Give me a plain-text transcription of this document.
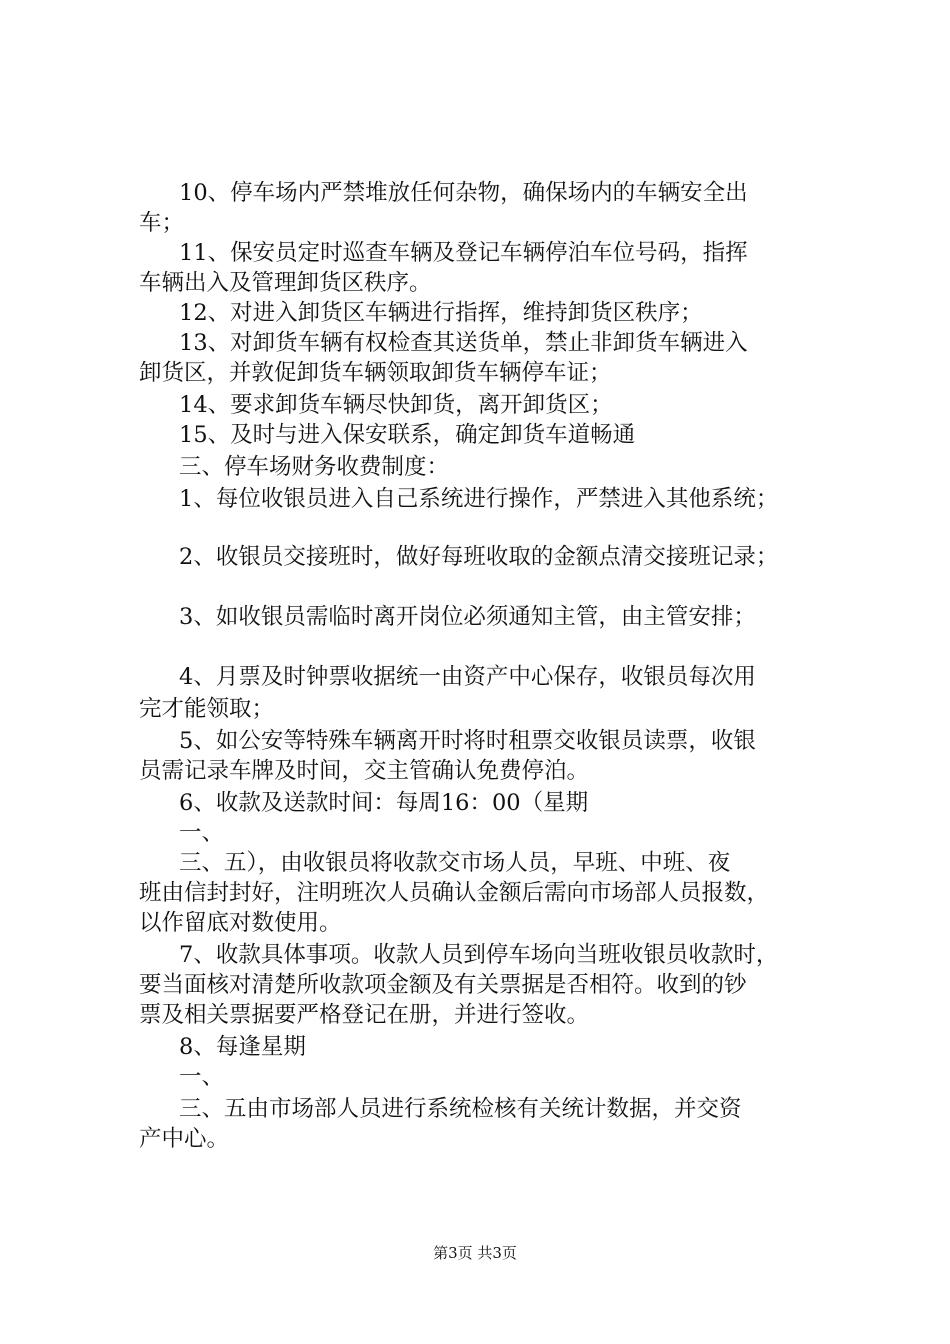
10、停车场内严禁堆放任何杂物，确保场内的车辆安全出
车；
11、保安员定时巡查车辆及登记车辆停泊车位号码，指挥
车辆出入及管理卸货区秩序。
12、对进入卸货区车辆进行指挥，维持卸货区秩序；
13、对卸货车辆有权检查其送货单，禁止非卸货车辆进入
卸货区，并敦促卸货车辆领取卸货车辆停车证；
14、要求卸货车辆尽快卸货，离开卸货区；
15、及时与进入保安联系，确定卸货车道畅通
三、停车场财务收费制度：
1、每位收银员进入自己系统进行操作，严禁进入其他系统；
2、收银员交接班时，做好每班收取的金额点清交接班记录；
3、如收银员需临时离开岗位必须通知主管，由主管安排；
4、月票及时钟票收据统一由资产中心保存，收银员每次用
完才能领取；
5、如公安等特殊车辆离开时将时租票交收银员读票，收银
员需记录车牌及时间，交主管确认免费停泊。
6、收款及送款时间：每周16：00（星期
一、
三、五），由收银员将收款交市场人员，早班、中班、夜
班由信封封好，注明班次人员确认金额后需向市场部人员报数，
以作留底对数使用。
7、收款具体事项。收款人员到停车场向当班收银员收款时，
要当面核对清楚所收款项金额及有关票据是否相符。收到的钞
票及相关票据要严格登记在册，并进行签收。
8、每逢星期
一、
三、五由市场部人员进行系统检核有关统计数据，并交资
产中心。
第3页 共3页
